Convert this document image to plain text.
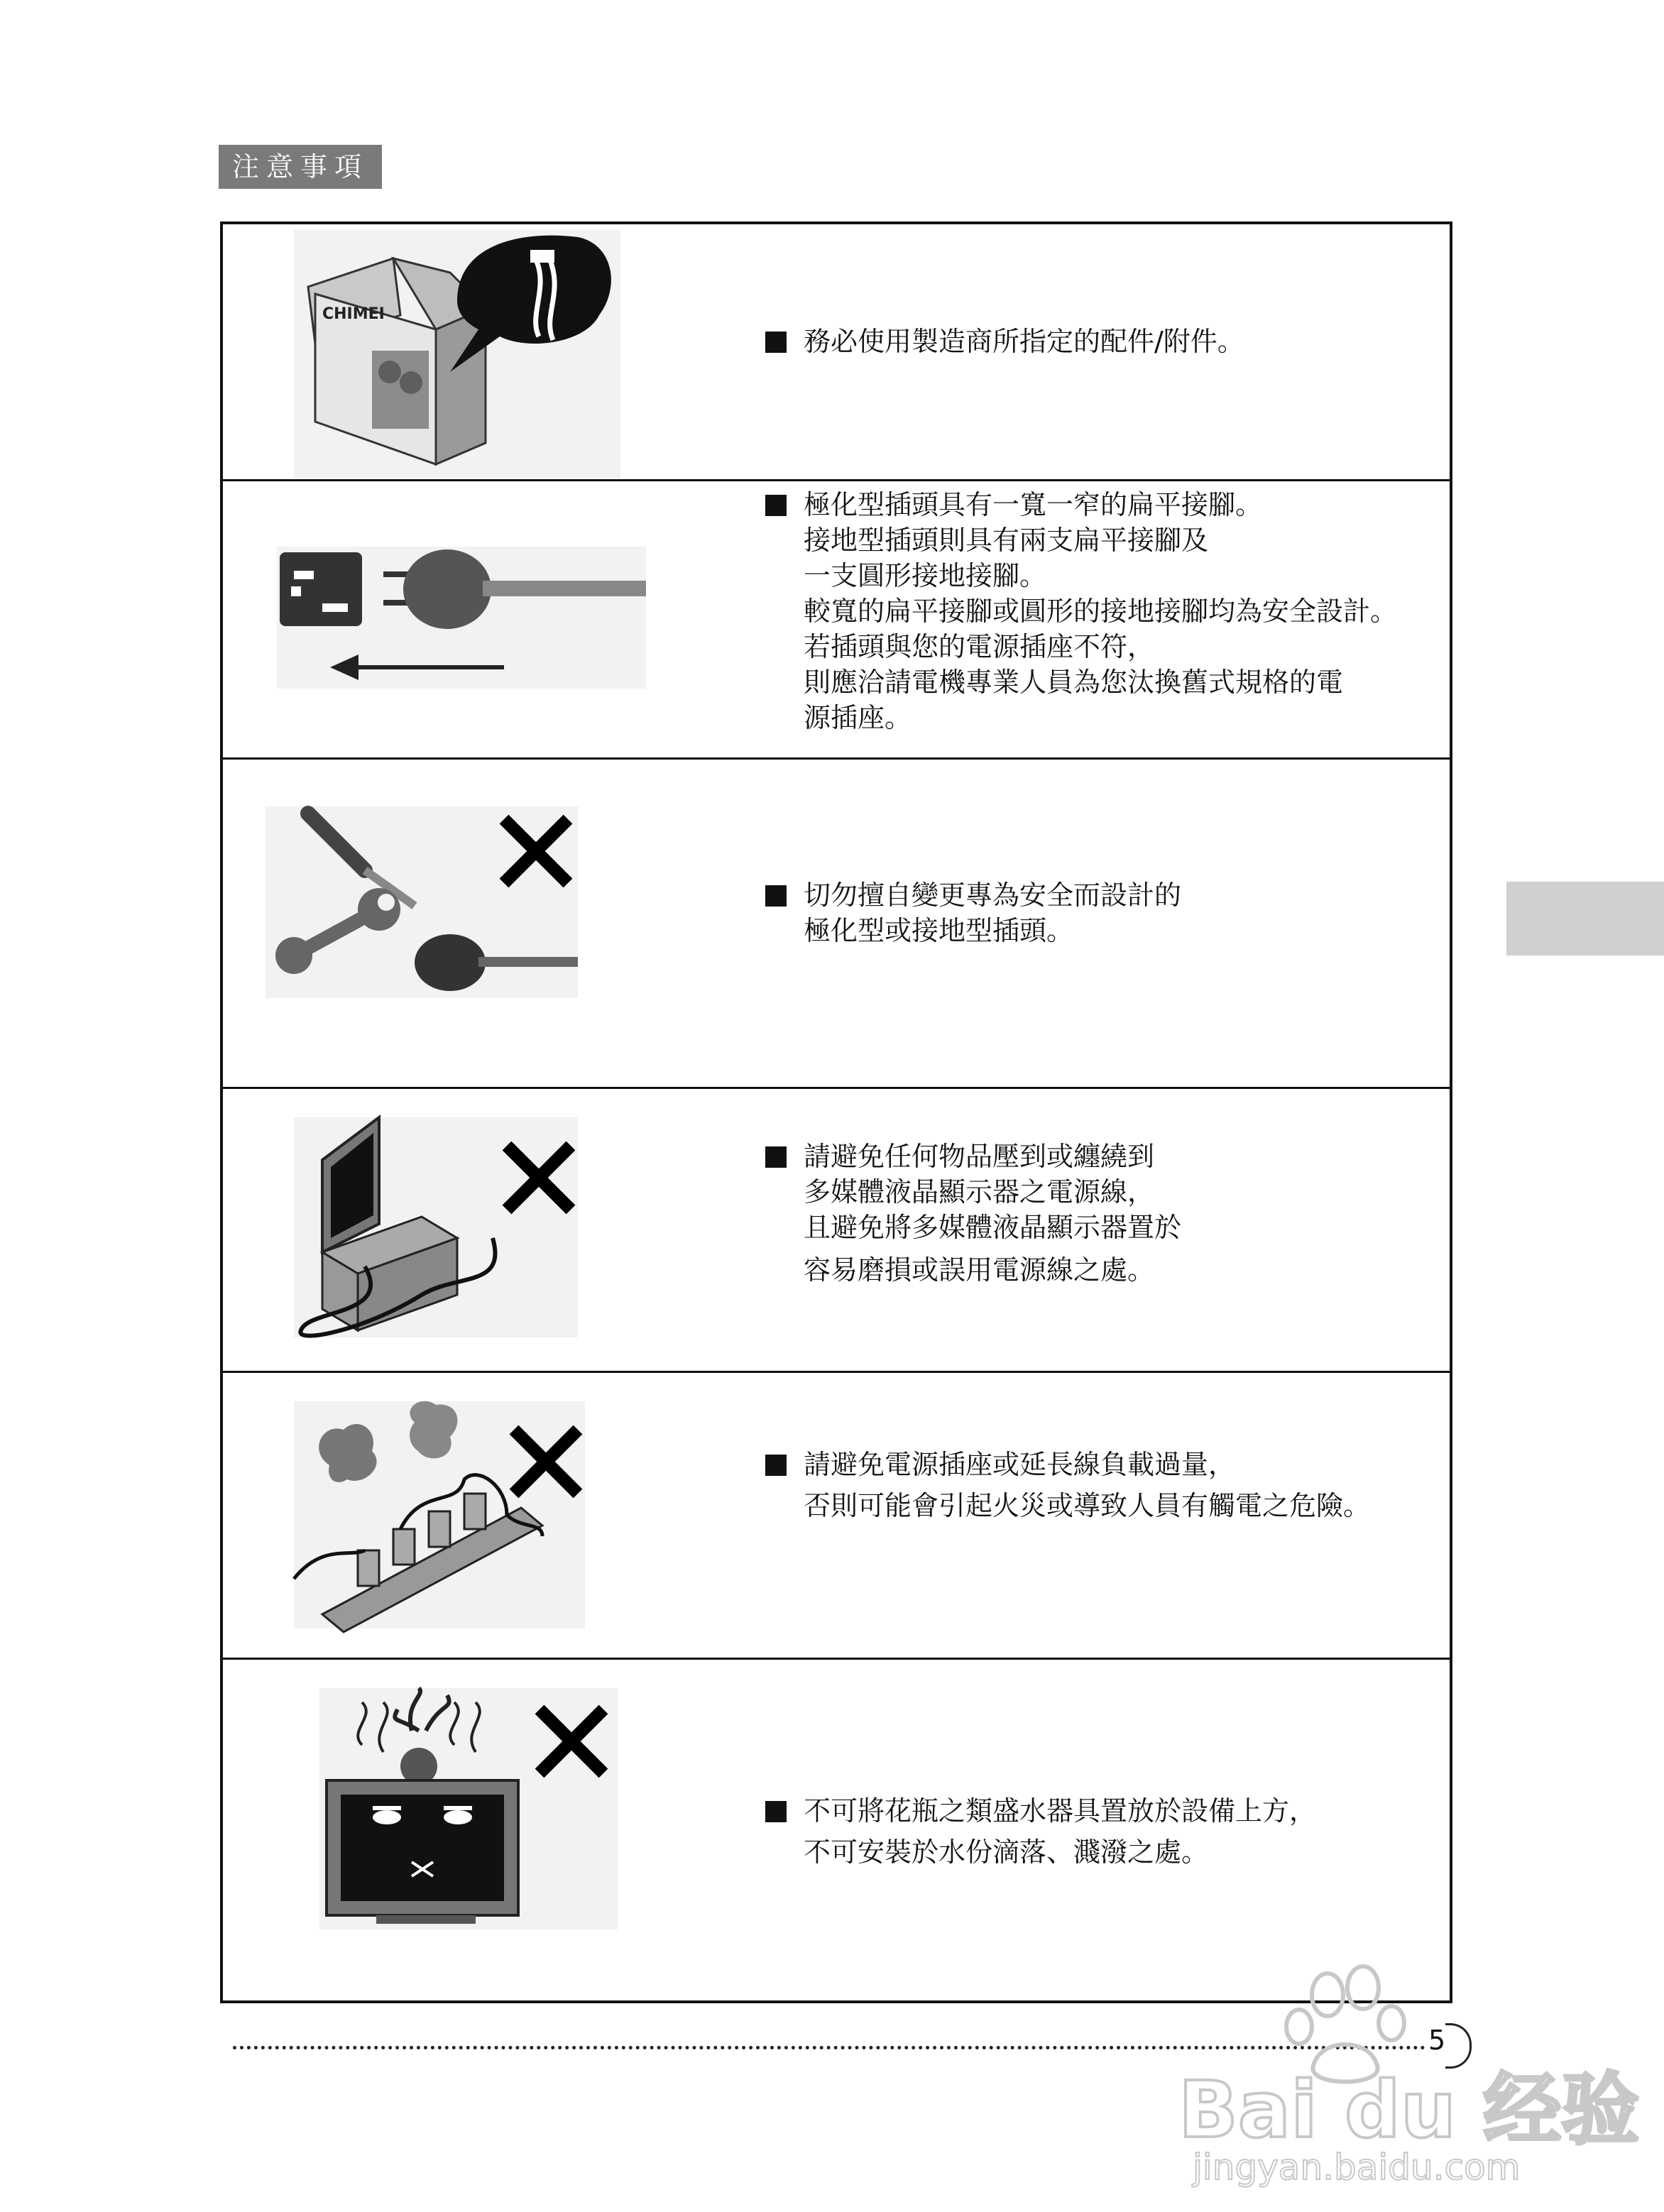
注意事項
CHIMEI
務必使用製造商所指定的配件/附件。
極化型插頭具有一寬一窄的扁平接腳。
接地型插頭則具有兩支扁平接腳及
一支圓形接地接腳。
較寬的扁平接腳或圓形的接地接腳均為安全設計。
若插頭與您的電源插座不符，
則應洽請電機專業人員為您汰換舊式規格的電
源插座。
切勿擅自變更專為安全而設計的
極化型或接地型插頭。
請避免任何物品壓到或纏繞到
多媒體液晶顯示器之電源線，
且避免將多媒體液晶顯示器置於
容易磨損或誤用電源線之處。
請避免電源插座或延長線負載過量，
否則可能會引起火災或導致人員有觸電之危險。
不可將花瓶之類盛水器具置放於設備上方，
不可安裝於水份滴落、濺潑之處。
5
Bai du 经验
jingyan.baidu.com
